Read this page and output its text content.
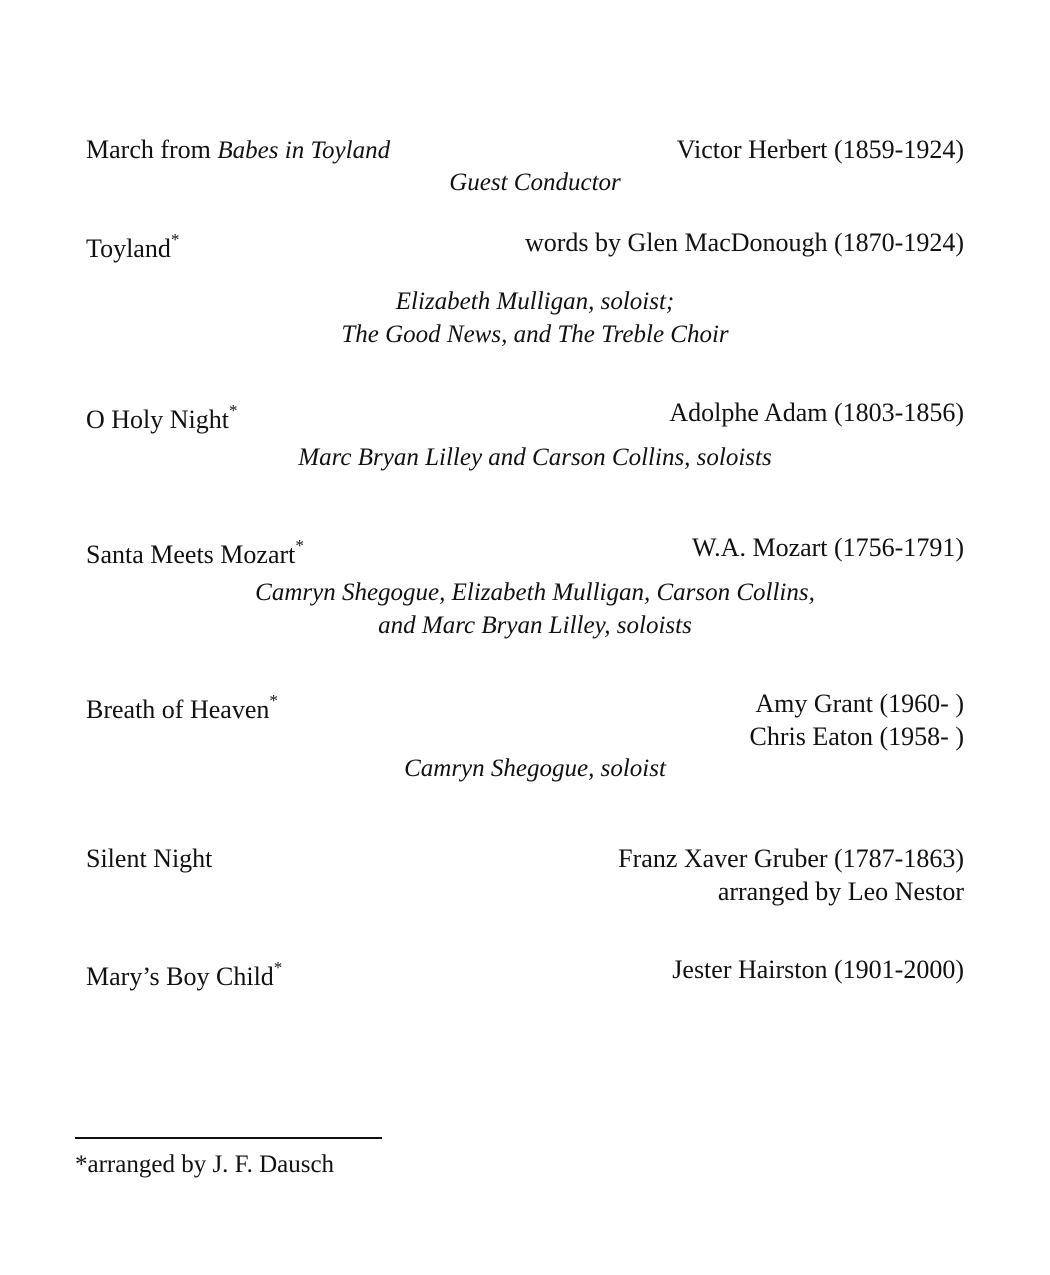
March from Babes in Toyland	Victor Herbert (1859-1924)
Guest Conductor
Toyland*	words by Glen MacDonough (1870-1924)
Elizabeth Mulligan, soloist;
The Good News, and The Treble Choir
O Holy Night*	Adolphe Adam (1803-1856)
Marc Bryan Lilley and Carson Collins, soloists
Santa Meets Mozart*	W.A. Mozart (1756-1791)
Camryn Shegogue, Elizabeth Mulligan, Carson Collins,
and Marc Bryan Lilley, soloists
Breath of Heaven*	Amy Grant (1960- )
Chris Eaton (1958- )
Camryn Shegogue, soloist
Silent Night	Franz Xaver Gruber (1787-1863)
arranged by Leo Nestor
Mary’s Boy Child*	Jester Hairston (1901-2000)
*arranged by J. F. Dausch
